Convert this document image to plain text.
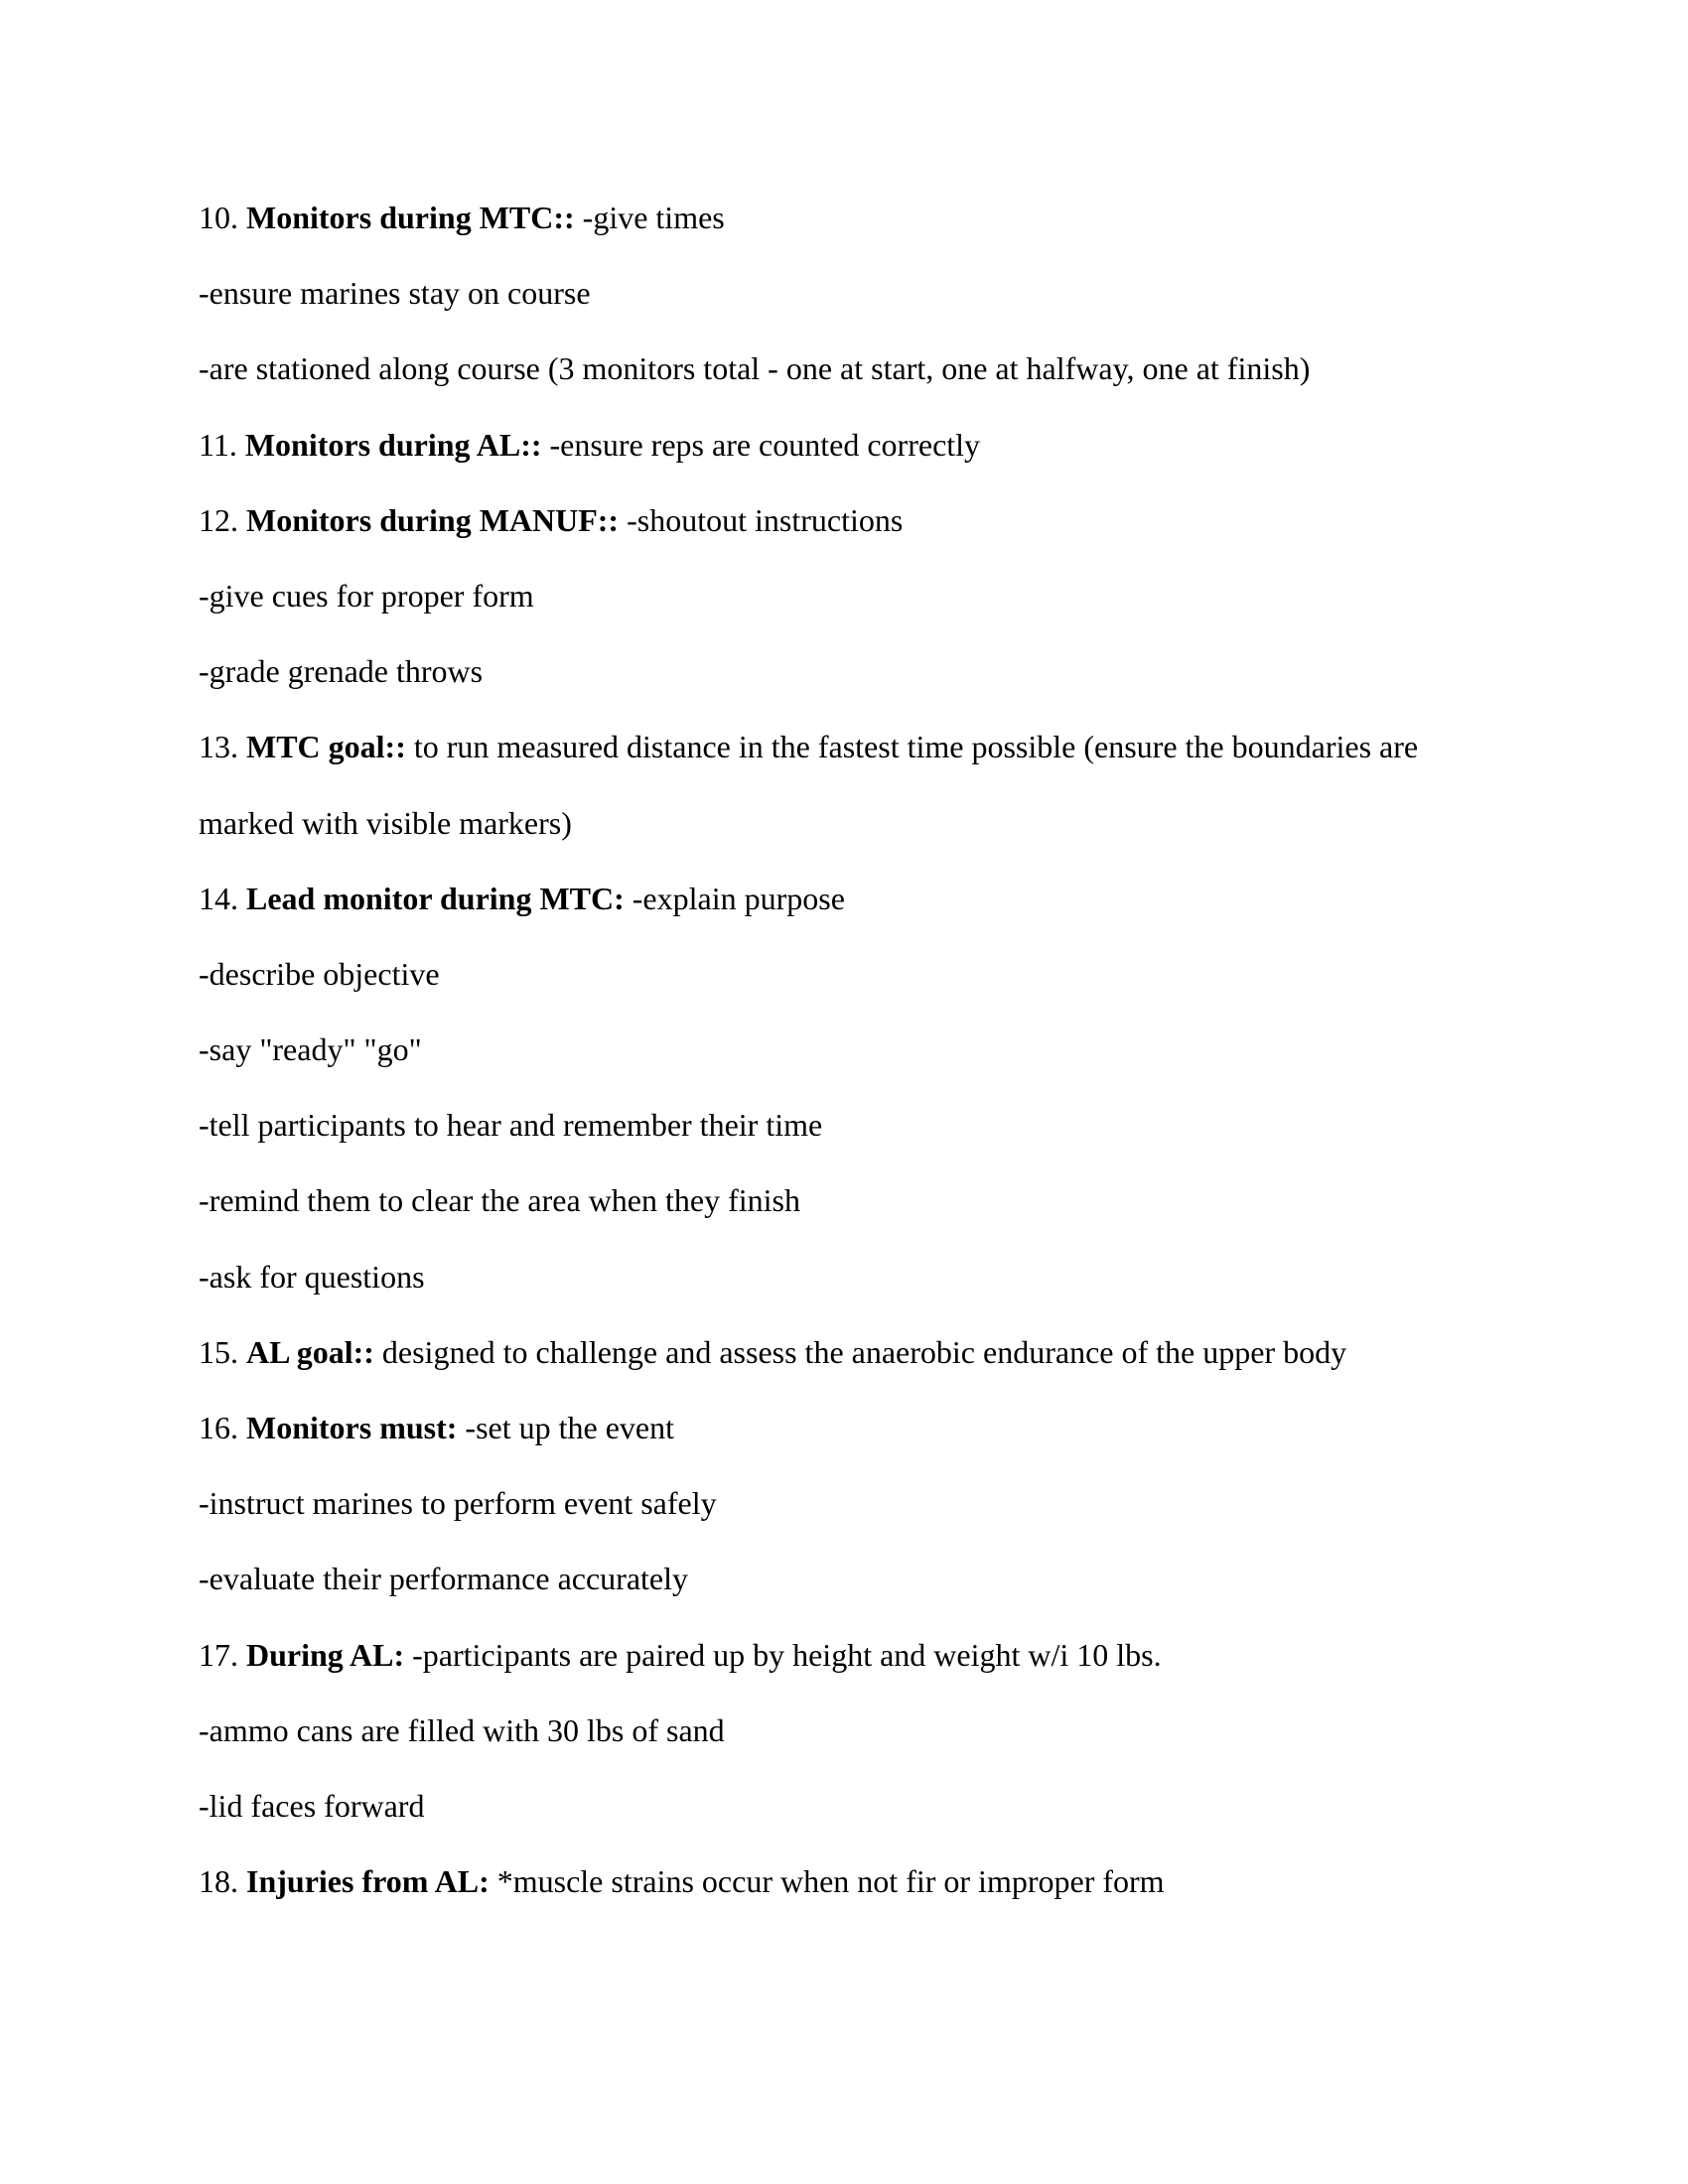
10. Monitors during MTC:: -give times
-ensure marines stay on course
-are stationed along course (3 monitors total - one at start, one at halfway, one at finish)
11. Monitors during AL:: -ensure reps are counted correctly
12. Monitors during MANUF:: -shoutout instructions
-give cues for proper form
-grade grenade throws
13. MTC goal:: to run measured distance in the fastest time possible (ensure the boundaries are
marked with visible markers)
14. Lead monitor during MTC: -explain purpose
-describe objective
-say "ready" "go"
-tell participants to hear and remember their time
-remind them to clear the area when they finish
-ask for questions
15. AL goal:: designed to challenge and assess the anaerobic endurance of the upper body
16. Monitors must: -set up the event
-instruct marines to perform event safely
-evaluate their performance accurately
17. During AL: -participants are paired up by height and weight w/i 10 lbs.
-ammo cans are filled with 30 lbs of sand
-lid faces forward
18. Injuries from AL: *muscle strains occur when not fir or improper form
